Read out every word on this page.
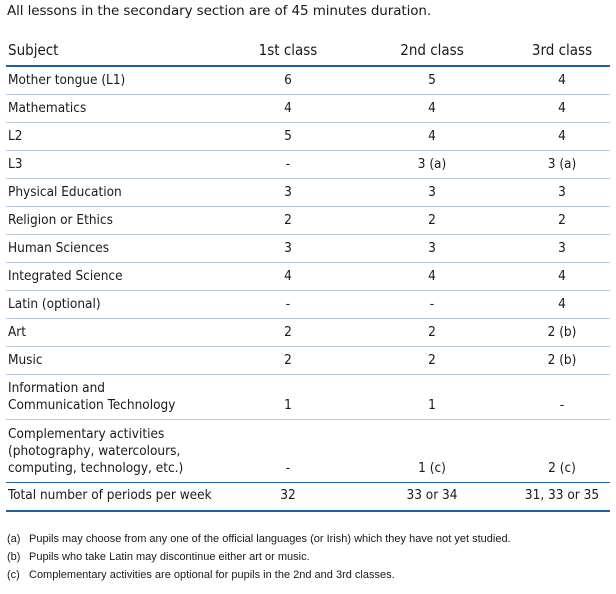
All lessons in the secondary section are of 45 minutes duration.
Subject	1st class	2nd class	3rd class
Mother tongue (L1)	6	5	4
Mathematics	4	4	4
L2	5	4	4
L3	-	3 (a)	3 (a)
Physical Education	3	3	3
Religion or Ethics	2	2	2
Human Sciences	3	3	3
Integrated Science	4	4	4
Latin (optional)	-	-	4
Art	2	2	2 (b)
Music	2	2	2 (b)
Information and
Communication Technology	1	1	-
Complementary activities
(photography, watercolours,
computing, technology, etc.)	-	1 (c)	2 (c)
Total number of periods per week	32	33 or 34	31, 33 or 35
(a) Pupils may choose from any one of the official languages (or Irish) which they have not yet studied.
(b) Pupils who take Latin may discontinue either art or music.
(c) Complementary activities are optional for pupils in the 2nd and 3rd classes.
